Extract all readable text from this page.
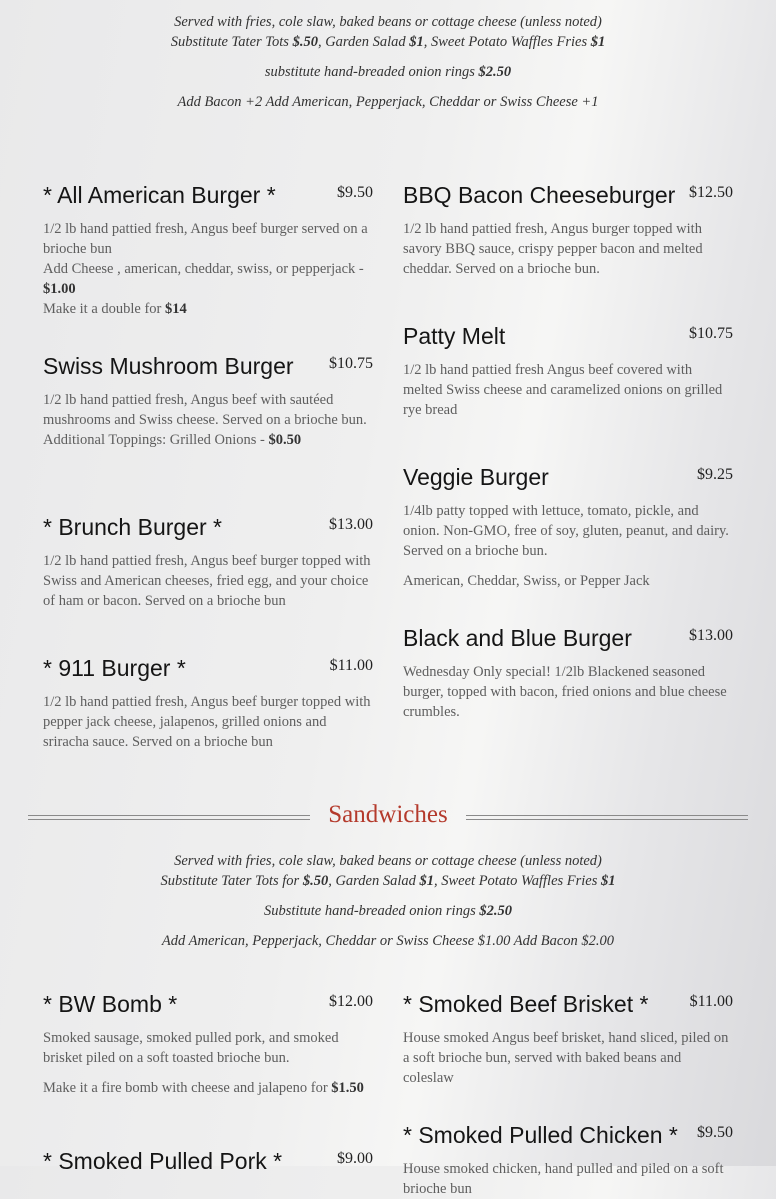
Served with fries, cole slaw, baked beans or cottage cheese (unless noted)
Substitute Tater Tots $.50, Garden Salad $1, Sweet Potato Waffles Fries $1
substitute hand-breaded onion rings $2.50
Add Bacon +2 Add American, Pepperjack, Cheddar or Swiss Cheese +1
* All American Burger *	$9.50
1/2 lb hand pattied fresh, Angus beef burger served on a brioche bun
Add Cheese , american, cheddar, swiss, or pepperjack - $1.00
Make it a double for $14
BBQ Bacon Cheeseburger $12.50
1/2 lb hand pattied fresh, Angus burger topped with savory BBQ sauce, crispy pepper bacon and melted cheddar. Served on a brioche bun.
Patty Melt	$10.75
1/2 lb hand pattied fresh Angus beef covered with melted Swiss cheese and caramelized onions on grilled rye bread
Swiss Mushroom Burger $10.75
1/2 lb hand pattied fresh, Angus beef with sautéed mushrooms and Swiss cheese. Served on a brioche bun.
Additional Toppings: Grilled Onions - $0.50
Veggie Burger	$9.25
1/4lb patty topped with lettuce, tomato, pickle, and onion. Non-GMO, free of soy, gluten, peanut, and dairy. Served on a brioche bun.
American, Cheddar, Swiss, or Pepper Jack
* Brunch Burger *	$13.00
1/2 lb hand pattied fresh, Angus beef burger topped with Swiss and American cheeses, fried egg, and your choice of ham or bacon. Served on a brioche bun
Black and Blue Burger	$13.00
Wednesday Only special! 1/2lb Blackened seasoned burger, topped with bacon, fried onions and blue cheese crumbles.
* 911 Burger *	$11.00
1/2 lb hand pattied fresh, Angus beef burger topped with pepper jack cheese, jalapenos, grilled onions and sriracha sauce. Served on a brioche bun
Sandwiches
Served with fries, cole slaw, baked beans or cottage cheese (unless noted)
Substitute Tater Tots for $.50, Garden Salad $1, Sweet Potato Waffles Fries $1
Substitute hand-breaded onion rings $2.50
Add American, Pepperjack, Cheddar or Swiss Cheese $1.00 Add Bacon $2.00
* BW Bomb *	$12.00
Smoked sausage, smoked pulled pork, and smoked brisket piled on a soft toasted brioche bun.
Make it a fire bomb with cheese and jalapeno for $1.50
* Smoked Beef Brisket *	$11.00
House smoked Angus beef brisket, hand sliced, piled on a soft brioche bun, served with baked beans and coleslaw
* Smoked Pulled Chicken * $9.50
House smoked chicken, hand pulled and piled on a soft brioche bun
* Smoked Pulled Pork *	$9.00
